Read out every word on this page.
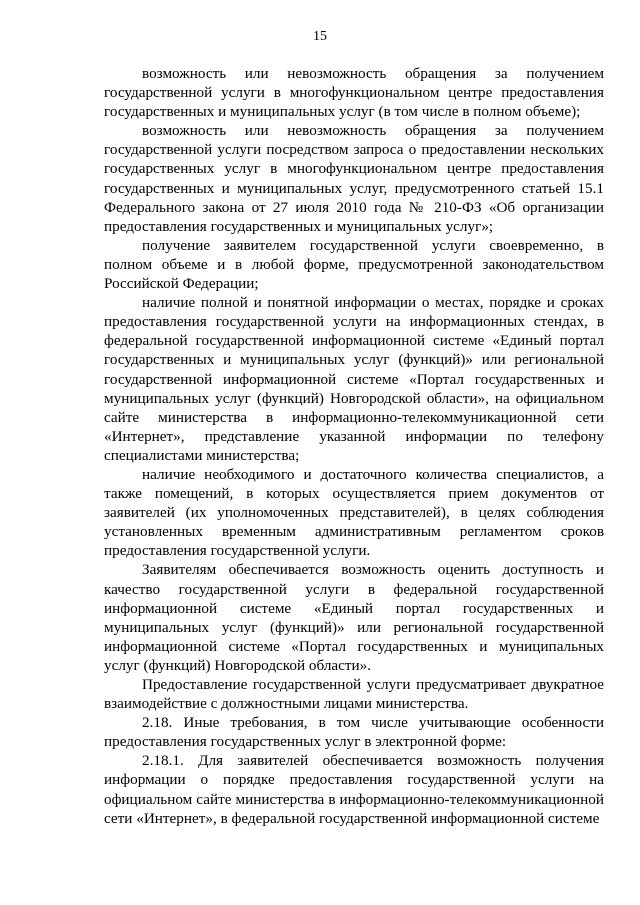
15

возможность или невозможность обращения за получением государственной услуги в многофункциональном центре предоставления государственных и муниципальных услуг (в том числе в полном объеме);

возможность или невозможность обращения за получением государственной услуги посредством запроса о предоставлении нескольких государственных услуг в многофункциональном центре предоставления государственных и муниципальных услуг, предусмотренного статьей 15.1 Федерального закона от 27 июля 2010 года № 210-ФЗ «Об организации предоставления государственных и муниципальных услуг»;

получение заявителем государственной услуги своевременно, в полном объеме и в любой форме, предусмотренной законодательством Российской Федерации;

наличие полной и понятной информации о местах, порядке и сроках предоставления государственной услуги на информационных стендах, в федеральной государственной информационной системе «Единый портал государственных и муниципальных услуг (функций)» или региональной государственной информационной системе «Портал государственных и муниципальных услуг (функций) Новгородской области», на официальном сайте министерства в информационно-телекоммуникационной сети «Интернет», представление указанной информации по телефону специалистами министерства;

наличие необходимого и достаточного количества специалистов, а также помещений, в которых осуществляется прием документов от заявителей (их уполномоченных представителей), в целях соблюдения установленных временным административным регламентом сроков предоставления государственной услуги.

Заявителям обеспечивается возможность оценить доступность и качество государственной услуги в федеральной государственной информационной системе «Единый портал государственных и муниципальных услуг (функций)» или региональной государственной информационной системе «Портал государственных и муниципальных услуг (функций) Новгородской области».

Предоставление государственной услуги предусматривает двукратное взаимодействие с должностными лицами министерства.

2.18. Иные требования, в том числе учитывающие особенности предоставления государственных услуг в электронной форме:

2.18.1. Для заявителей обеспечивается возможность получения информации о порядке предоставления государственной услуги на официальном сайте министерства в информационно-телекоммуникационной сети «Интернет», в федеральной государственной информационной системе
